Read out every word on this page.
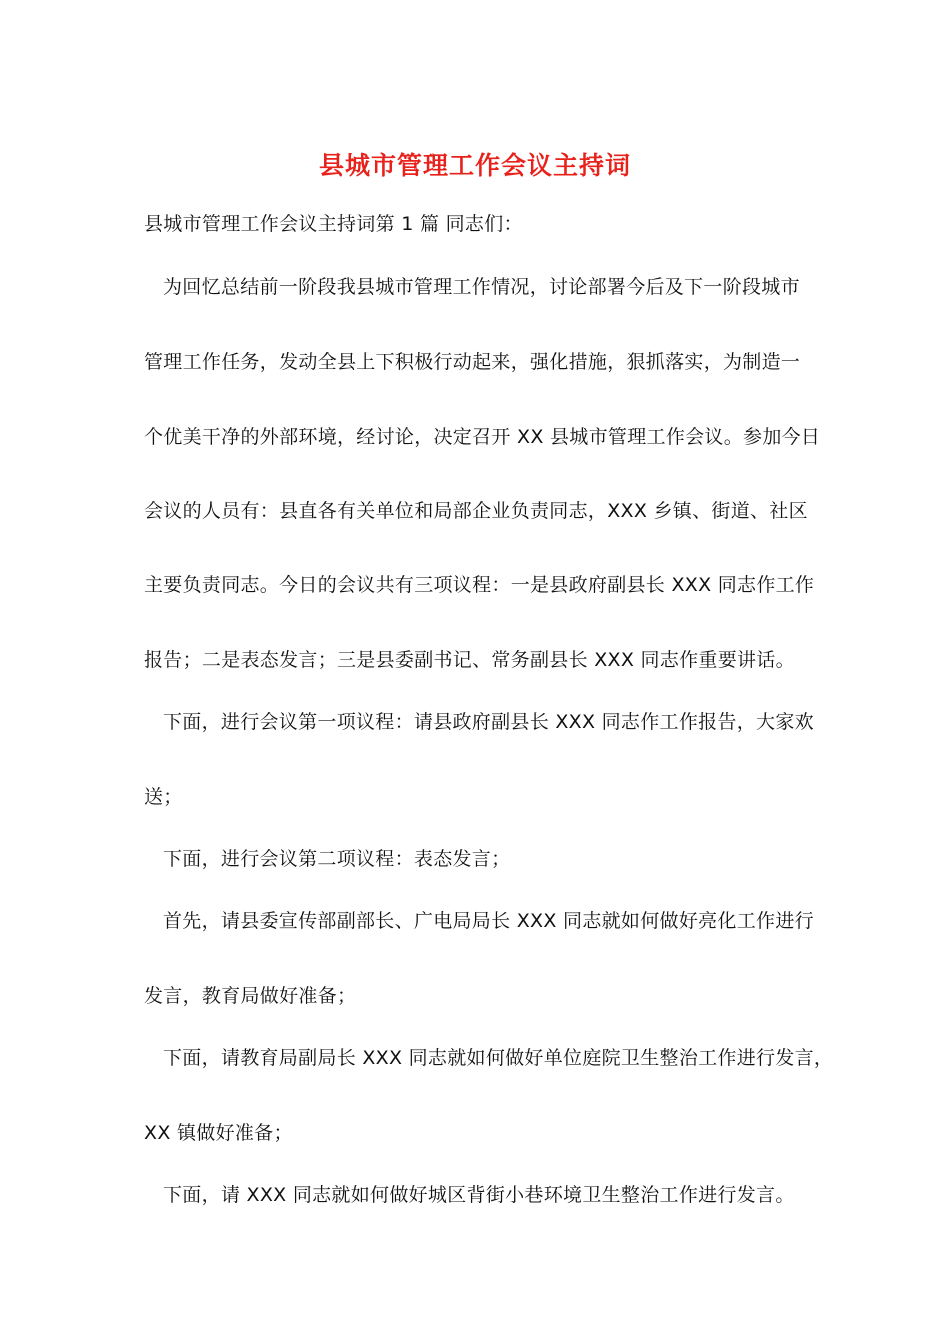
县城市管理工作会议主持词
县城市管理工作会议主持词第 1 篇 同志们：
为回忆总结前一阶段我县城市管理工作情况，讨论部署今后及下一阶段城市
管理工作任务，发动全县上下积极行动起来，强化措施，狠抓落实，为制造一
个优美干净的外部环境，经讨论，决定召开 XX 县城市管理工作会议。参加今日
会议的人员有：县直各有关单位和局部企业负责同志，XXX 乡镇、街道、社区
主要负责同志。今日的会议共有三项议程：一是县政府副县长 XXX 同志作工作
报告；二是表态发言；三是县委副书记、常务副县长 XXX 同志作重要讲话。
下面，进行会议第一项议程：请县政府副县长 XXX 同志作工作报告，大家欢
送；
下面，进行会议第二项议程：表态发言；
首先，请县委宣传部副部长、广电局局长 XXX 同志就如何做好亮化工作进行
发言，教育局做好准备；
下面，请教育局副局长 XXX 同志就如何做好单位庭院卫生整治工作进行发言，
XX 镇做好准备；
下面，请 XXX 同志就如何做好城区背街小巷环境卫生整治工作进行发言。
